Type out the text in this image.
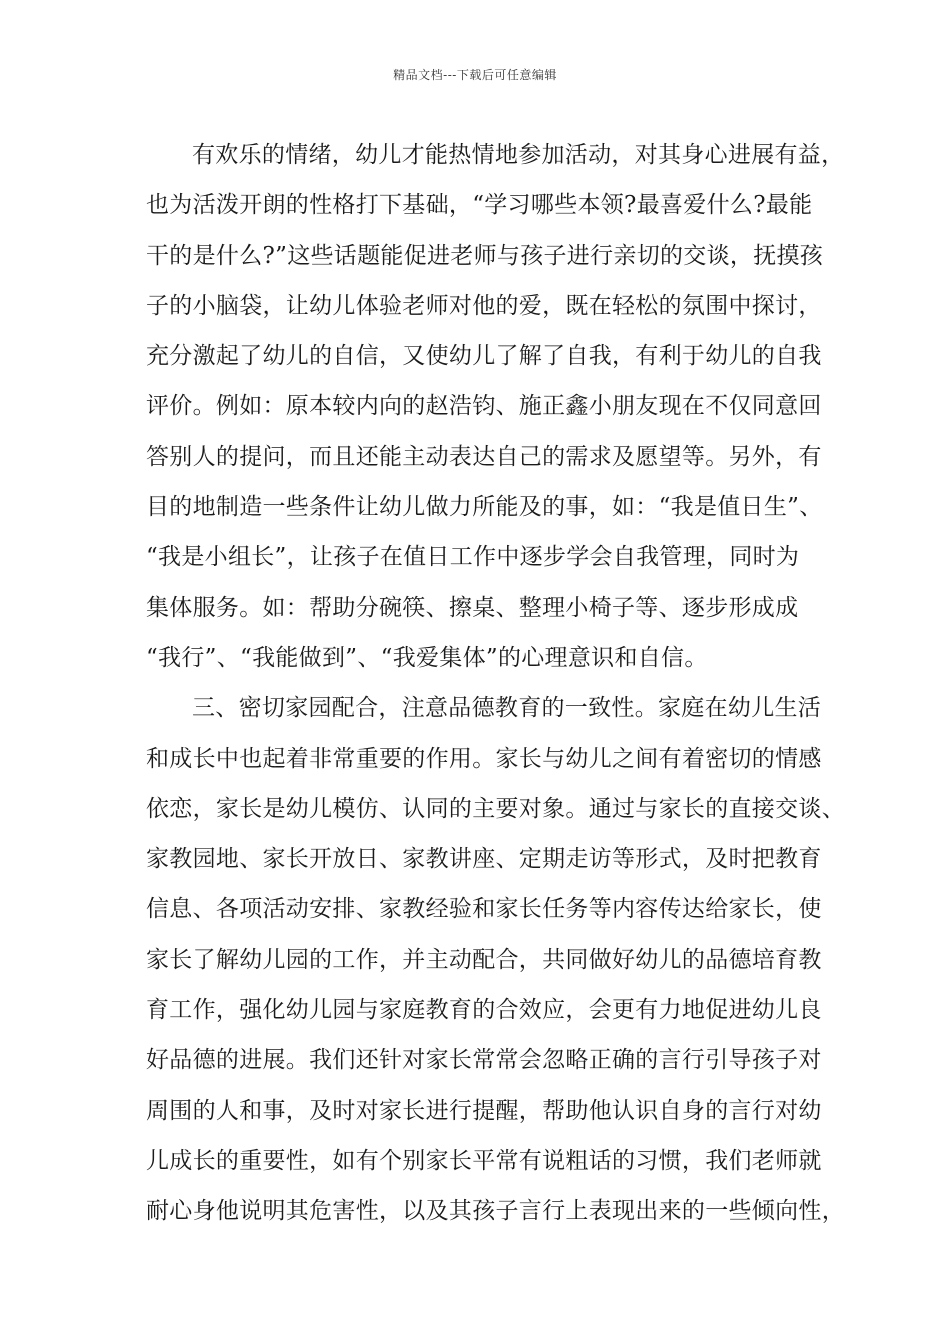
精品文档---下载后可任意编辑
有欢乐的情绪，幼儿才能热情地参加活动，对其身心进展有益，
也为活泼开朗的性格打下基础，“学习哪些本领?最喜爱什么?最能
干的是什么?”这些话题能促进老师与孩子进行亲切的交谈，抚摸孩
子的小脑袋，让幼儿体验老师对他的爱，既在轻松的氛围中探讨，
充分激起了幼儿的自信，又使幼儿了解了自我，有利于幼儿的自我
评价。例如：原本较内向的赵浩钧、施正鑫小朋友现在不仅同意回
答别人的提问，而且还能主动表达自己的需求及愿望等。另外，有
目的地制造一些条件让幼儿做力所能及的事，如：“我是值日生”、
“我是小组长”，让孩子在值日工作中逐步学会自我管理，同时为
集体服务。如：帮助分碗筷、擦桌、整理小椅子等、逐步形成成
“我行”、“我能做到”、“我爱集体”的心理意识和自信。
三、密切家园配合，注意品德教育的一致性。家庭在幼儿生活
和成长中也起着非常重要的作用。家长与幼儿之间有着密切的情感
依恋，家长是幼儿模仿、认同的主要对象。通过与家长的直接交谈、
家教园地、家长开放日、家教讲座、定期走访等形式，及时把教育
信息、各项活动安排、家教经验和家长任务等内容传达给家长，使
家长了解幼儿园的工作，并主动配合，共同做好幼儿的品德培育教
育工作，强化幼儿园与家庭教育的合效应，会更有力地促进幼儿良
好品德的进展。我们还针对家长常常会忽略正确的言行引导孩子对
周围的人和事，及时对家长进行提醒，帮助他认识自身的言行对幼
儿成长的重要性，如有个别家长平常有说粗话的习惯，我们老师就
耐心身他说明其危害性，以及其孩子言行上表现出来的一些倾向性，
